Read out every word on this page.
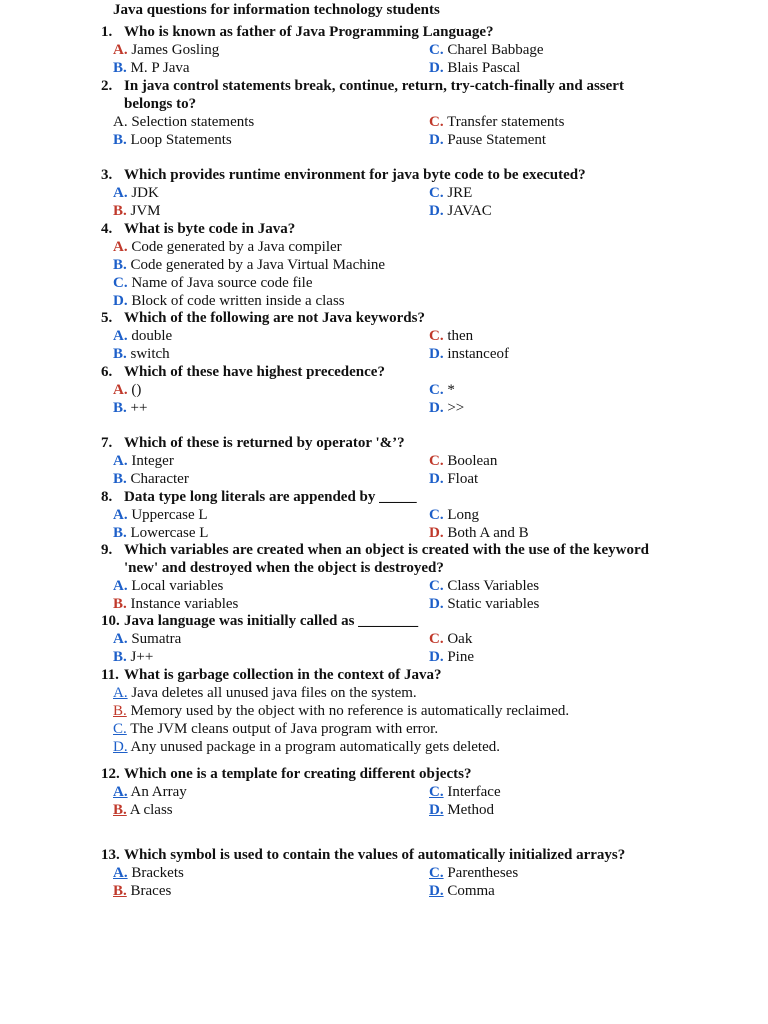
Java questions for information technology students
1. Who is known as father of Java Programming Language?
A. James Gosling
B. M. P Java
C. Charel Babbage
D. Blais Pascal
2. In java control statements break, continue, return, try-catch-finally and assert belongs to?
A. Selection statements
B. Loop Statements
C. Transfer statements
D. Pause Statement
3. Which provides runtime environment for java byte code to be executed?
A. JDK
B. JVM
C. JRE
D. JAVAC
4. What is byte code in Java?
A. Code generated by a Java compiler
B. Code generated by a Java Virtual Machine
C. Name of Java source code file
D. Block of code written inside a class
5. Which of the following are not Java keywords?
A. double
B. switch
C. then
D. instanceof
6. Which of these have highest precedence?
A. ()
B. ++
C. *
D. >>
7. Which of these is returned by operator '&’?
A. Integer
B. Character
C. Boolean
D. Float
8. Data type long literals are appended by _____
A. Uppercase L
B. Lowercase L
C. Long
D. Both A and B
9. Which variables are created when an object is created with the use of the keyword 'new' and destroyed when the object is destroyed?
A. Local variables
B. Instance variables
C. Class Variables
D. Static variables
10. Java language was initially called as ________
A. Sumatra
B. J++
C. Oak
D. Pine
11. What is garbage collection in the context of Java?
A. Java deletes all unused java files on the system.
B. Memory used by the object with no reference is automatically reclaimed.
C. The JVM cleans output of Java program with error.
D. Any unused package in a program automatically gets deleted.
12. Which one is a template for creating different objects?
A. An Array
B. A class
C. Interface
D. Method
13. Which symbol is used to contain the values of automatically initialized arrays?
A. Brackets
B. Braces
C. Parentheses
D. Comma
